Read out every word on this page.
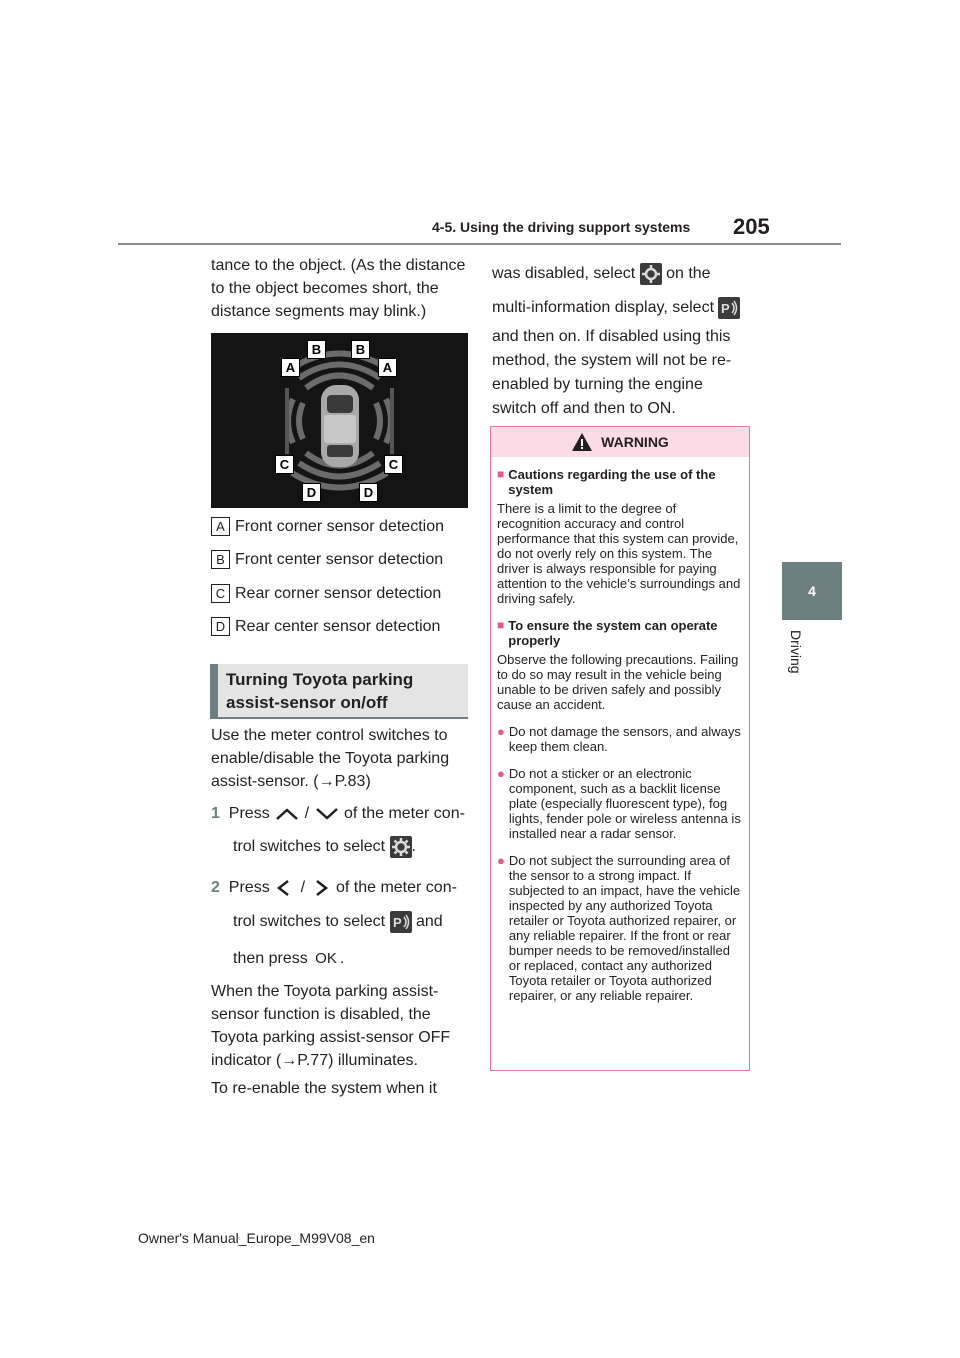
4-5. Using the driving support systems 205
4
Driving
tance to the object. (As the distance
to the object becomes short, the
distance segments may blink.)
A
B	B
A
C	C
D	D
A Front corner sensor detection
B Front center sensor detection
C Rear corner sensor detection
D Rear center sensor detection
Turning Toyota parking
assist-sensor on/off
Use the meter control switches to
enable/disable the Toyota parking
assist-sensor. (→P.83)
1 Press / of the meter con-
trol switches to select .
2 Press / of the meter con-
trol switches to select P and
then press OK .
When the Toyota parking assist-
sensor function is disabled, the
Toyota parking assist-sensor OFF
indicator (→P.77) illuminates.
To re-enable the system when it
was disabled, select on the
multi-information display, select P
and then on. If disabled using this
method, the system will not be re-
enabled by turning the engine
switch off and then to ON.
WARNING
■ Cautions regarding the use of the system

There is a limit to the degree of recognition accuracy and control performance that this system can provide, do not overly rely on this system. The driver is always responsible for paying attention to the vehicle’s surroundings and driving safely.

■ To ensure the system can operate properly

Observe the following precautions. Failing to do so may result in the vehicle being unable to be driven safely and possibly cause an accident.

● Do not damage the sensors, and always keep them clean.

● Do not a sticker or an electronic component, such as a backlit license plate (especially fluorescent type), fog lights, fender pole or wireless antenna is installed near a radar sensor.

● Do not subject the surrounding area of the sensor to a strong impact. If subjected to an impact, have the vehicle inspected by any authorized Toyota retailer or Toyota authorized repairer, or any reliable repairer. If the front or rear bumper needs to be removed/installed or replaced, contact any authorized Toyota retailer or Toyota authorized repairer, or any reliable repairer.

Owner's Manual_Europe_M99V08_en
